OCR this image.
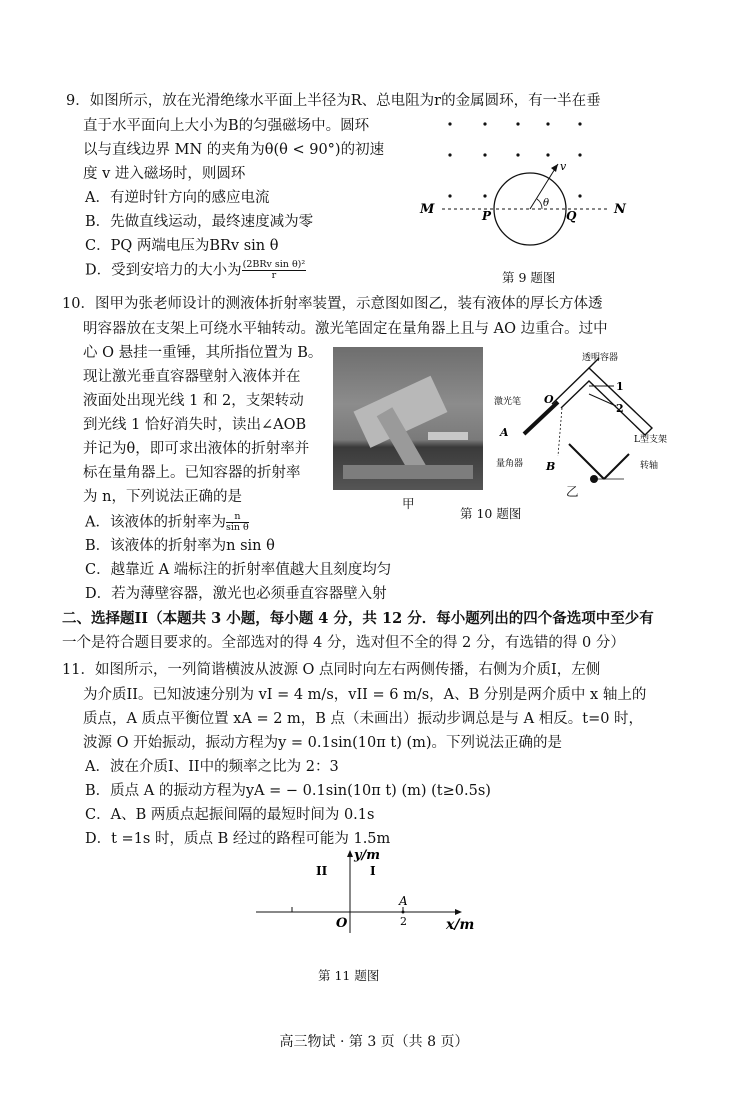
9．如图所示，放在光滑绝缘水平面上半径为R、总电阻为r的金属圆环，有一半在垂
直于水平面向上大小为B的匀强磁场中。圆环
以与直线边界 MN 的夹角为θ(θ < 90°)的初速
度 v 进入磁场时，则圆环
A．有逆时针方向的感应电流
B．先做直线运动，最终速度减为零
C．PQ 两端电压为BRv sin θ
D．受到安培力的大小为 $\frac{\text{(2BRv sin θ)²}}{r}$
M	N
P	Q
v
θ
第 9 题图
10．图甲为张老师设计的测液体折射率装置，示意图如图乙，装有液体的厚长方体透
明容器放在支架上可绕水平轴转动。激光笔固定在量角器上且与 AO 边重合。过中
心 O 悬挂一重锤，其所指位置为 B。
现让激光垂直容器壁射入液体并在
液面处出现光线 1 和 2，支架转动
到光线 1 恰好消失时，读出∠AOB
并记为θ，即可求出液体的折射率并
标在量角器上。已知容器的折射率
为 n，下列说法正确的是
A．该液体的折射率为 $\frac{n}{\text{sin θ}}$
B．该液体的折射率为n sin θ
C．越靠近 A 端标注的折射率值越大且刻度均匀
D．若为薄壁容器，激光也必须垂直容器壁入射
甲
第 10 题图
透明容器
激光笔 O
1
2
A
B
L型支架
量角器	转轴
乙
二、选择题II（本题共 3 小题，每小题 4 分，共 12 分．每小题列出的四个备选项中至少有
一个是符合题目要求的。全部选对的得 4 分，选对但不全的得 2 分，有选错的得 0 分）
11．如图所示，一列简谐横波从波源 O 点同时向左右两侧传播，右侧为介质I，左侧
为介质II。已知波速分别为 vI = 4 m/s，vII = 6 m/s，A、B 分别是两介质中 x 轴上的
质点，A 质点平衡位置 xA = 2 m，B 点（未画出）振动步调总是与 A 相反。t=0 时，
波源 O 开始振动，振动方程为y = 0.1sin(10π t) (m)。下列说法正确的是
A．波在介质I、II中的频率之比为 2：3
B．质点 A 的振动方程为yA = − 0.1sin(10π t) (m) (t≥0.5s)
C．A、B 两质点起振间隔的最短时间为 0.1s
D．t =1s 时，质点 B 经过的路程可能为 1.5m
y/m
x/m
O
A
2
II	I
第 11 题图
高三物试 · 第 3 页（共 8 页）
